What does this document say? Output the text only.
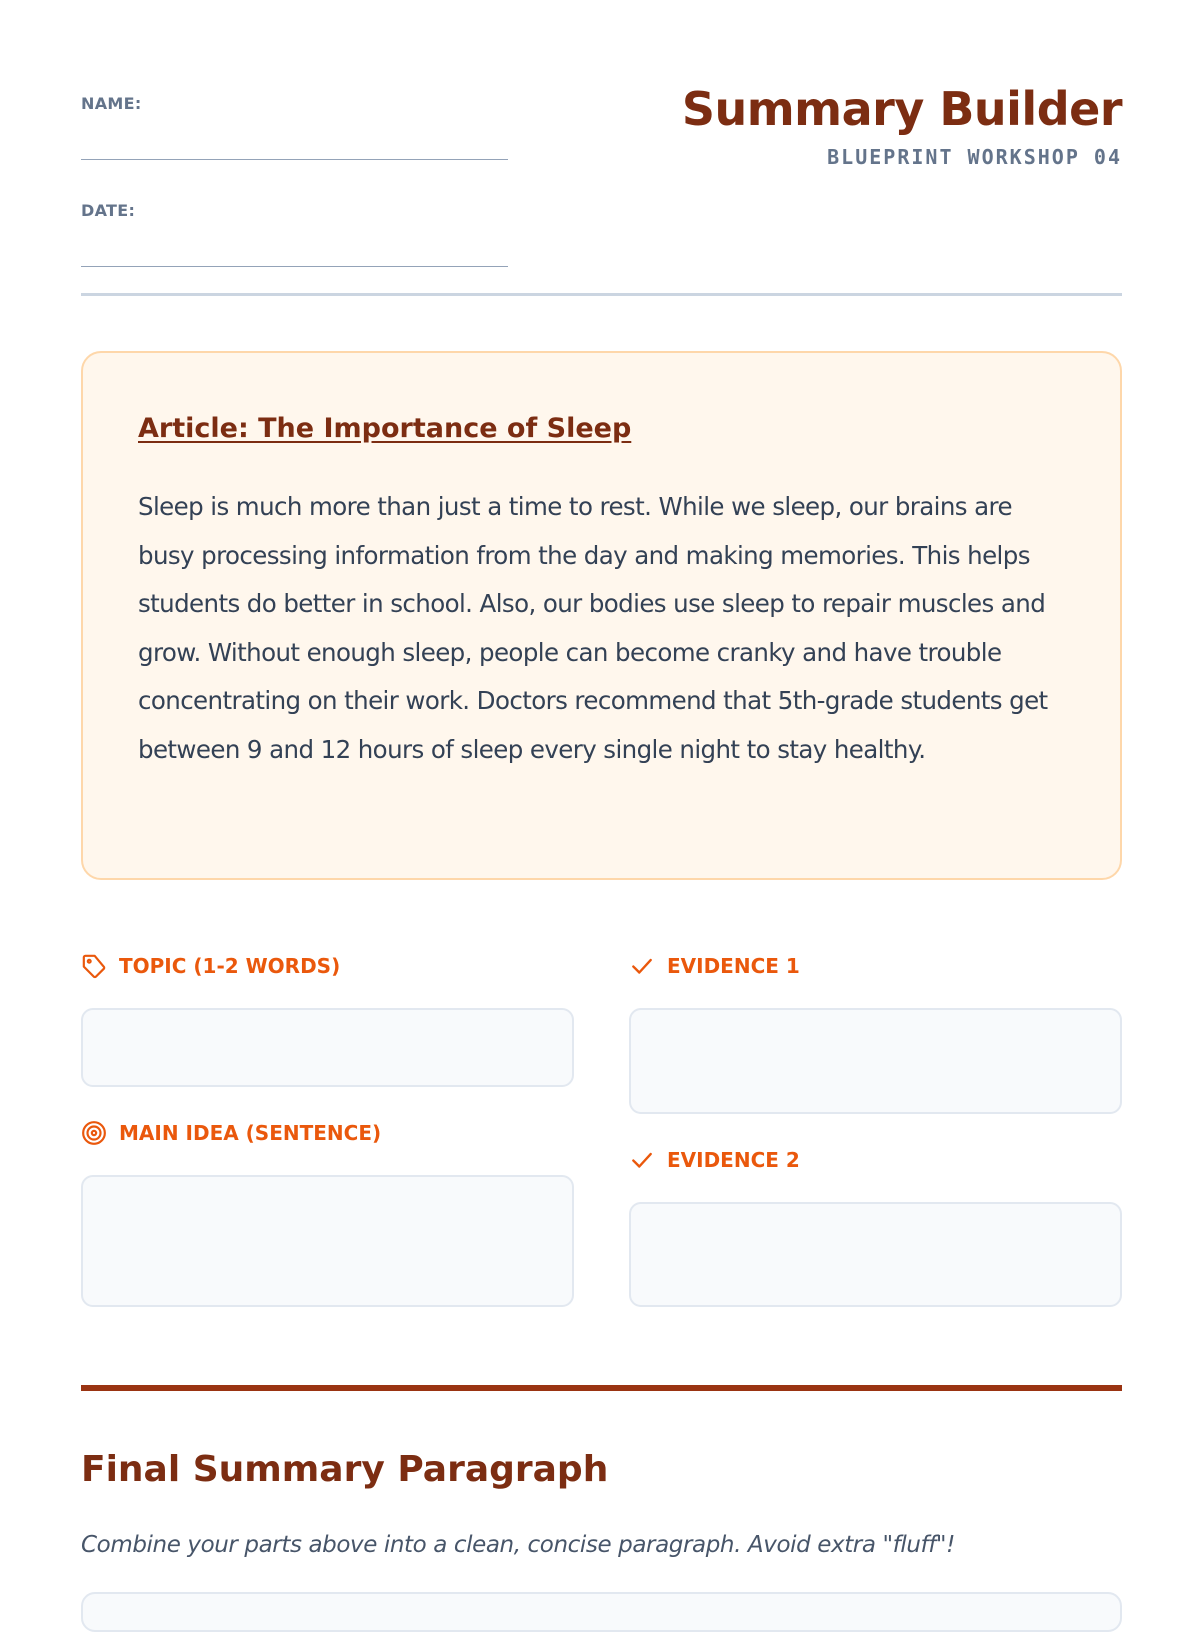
NAME:
DATE:
Summary Builder
BLUEPRINT WORKSHOP 04
Article: The Importance of Sleep

Sleep is much more than just a time to rest. While we sleep, our brains are busy processing information from the day and making memories. This helps students do better in school. Also, our bodies use sleep to repair muscles and grow. Without enough sleep, people can become cranky and have trouble concentrating on their work. Doctors recommend that 5th-grade students get between 9 and 12 hours of sleep every single night to stay healthy.

TOPIC (1-2 WORDS)
MAIN IDEA (SENTENCE)
EVIDENCE 1
EVIDENCE 2
Final Summary Paragraph

Combine your parts above into a clean, concise paragraph. Avoid extra "fluff"!
